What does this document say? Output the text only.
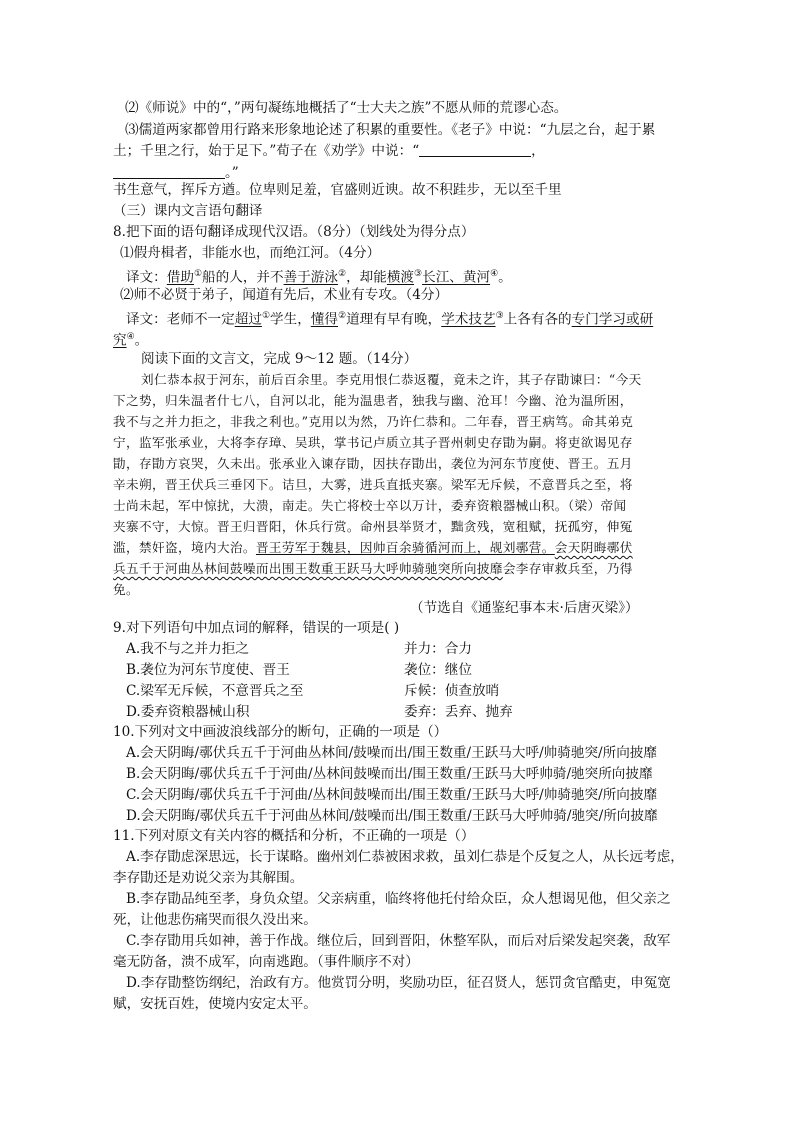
⑵《师说》中的“，”两句凝练地概括了“士大夫之族”不愿从师的荒谬心态。
⑶儒道两家都曾用行路来形象地论述了积累的重要性。《老子》中说：“九层之台，起于累
土；千里之行，始于足下。”荀子在《劝学》中说：“	，
。”
书生意气，挥斥方遒。位卑则足羞，官盛则近谀。故不积跬步，无以至千里
（三）课内文言语句翻译
8.把下面的语句翻译成现代汉语。（8分）（划线处为得分点）
⑴假舟楫者，非能水也，而绝江河。（4分）
译文：借助①船的人，并不善于游泳②，却能横渡③长江、黄河④。
⑵师不必贤于弟子，闻道有先后，术业有专攻。（4分）
译文：老师不一定超过①学生，懂得②道理有早有晚，学术技艺③上各有各的专门学习或研
究④。
阅读下面的文言文，完成 9～12 题。（14分）
刘仁恭本叔于河东，前后百余里。李克用恨仁恭返覆，竟未之许，其子存勖谏曰：“今天
下之势，归朱温者什七八，自河以北，能为温患者，独我与幽、沧耳！今幽、沧为温所困，
我不与之并力拒之，非我之利也。”克用以为然，乃许仁恭和。二年春，晋王病笃。命其弟克
宁，监军张承业，大将李存璋、吴珙，掌书记卢质立其子晋州刺史存勖为嗣。将吏欲谒见存
勖，存勖方哀哭，久未出。张承业入谏存勖，因扶存勖出，袭位为河东节度使、晋王。五月
辛未朔，晋王伏兵三垂冈下。诘旦，大雾，进兵直抵夹寨。梁军无斥候，不意晋兵之至，将
士尚未起，军中惊扰，大溃，南走。失亡将校士卒以万计，委弃资粮器械山积。（梁）帝闻
夹寨不守，大惊。晋王归晋阳，休兵行赏。命州县举贤才，黜贪残，宽租赋，抚孤穷，伸冤
滥，禁奸盗，境内大治。晋王劳军于魏县，因帅百余骑循河而上，觇刘鄩营。会天阴晦鄩伏
兵五千于河曲丛林间鼓噪而出围王数重王跃马大呼帅骑驰突所向披靡会李存审救兵至，乃得
免。
（节选自《通鉴纪事本末·后唐灭梁》）
9.对下列语句中加点词的解释，错误的一项是( )
A.我不与之并力拒之	并力：合力
B.袭位为河东节度使、晋王	袭位：继位
C.梁军无斥候，不意晋兵之至	斥候：侦查放哨
D.委弃资粮器械山积	委弃：丢弃、抛弃
10.下列对文中画波浪线部分的断句，正确的一项是（）
A.会天阴晦/鄩伏兵五千于河曲丛林间/鼓噪而出/围王数重/王跃马大呼/帅骑驰突/所向披靡
B.会天阴晦/鄩伏兵五千于河曲/丛林间鼓噪而出/围王数重/王跃马大呼帅骑/驰突所向披靡
C.会天阴晦/鄩伏兵五千于河曲/丛林间鼓噪而出/围王数重/王跃马大呼/帅骑驰突/所向披靡
D.会天阴晦/鄩伏兵五千于河曲丛林间/鼓噪而出/围王数重/王跃马大呼帅骑/驰突/所向披靡
11.下列对原文有关内容的概括和分析，不正确的一项是（）
A.李存勖虑深思远，长于谋略。幽州刘仁恭被困求救，虽刘仁恭是个反复之人，从长远考虑，
李存勖还是劝说父亲为其解围。
B.李存勖品纯至孝，身负众望。父亲病重，临终将他托付给众臣，众人想谒见他，但父亲之
死，让他悲伤痛哭而很久没出来。
C.李存勖用兵如神，善于作战。继位后，回到晋阳，休整军队，而后对后梁发起突袭，敌军
毫无防备，溃不成军，向南逃跑。（事件顺序不对）
D.李存勖整饬纲纪，治政有方。他赏罚分明，奖励功臣，征召贤人，惩罚贪官酷吏，申冤宽
赋，安抚百姓，使境内安定太平。
